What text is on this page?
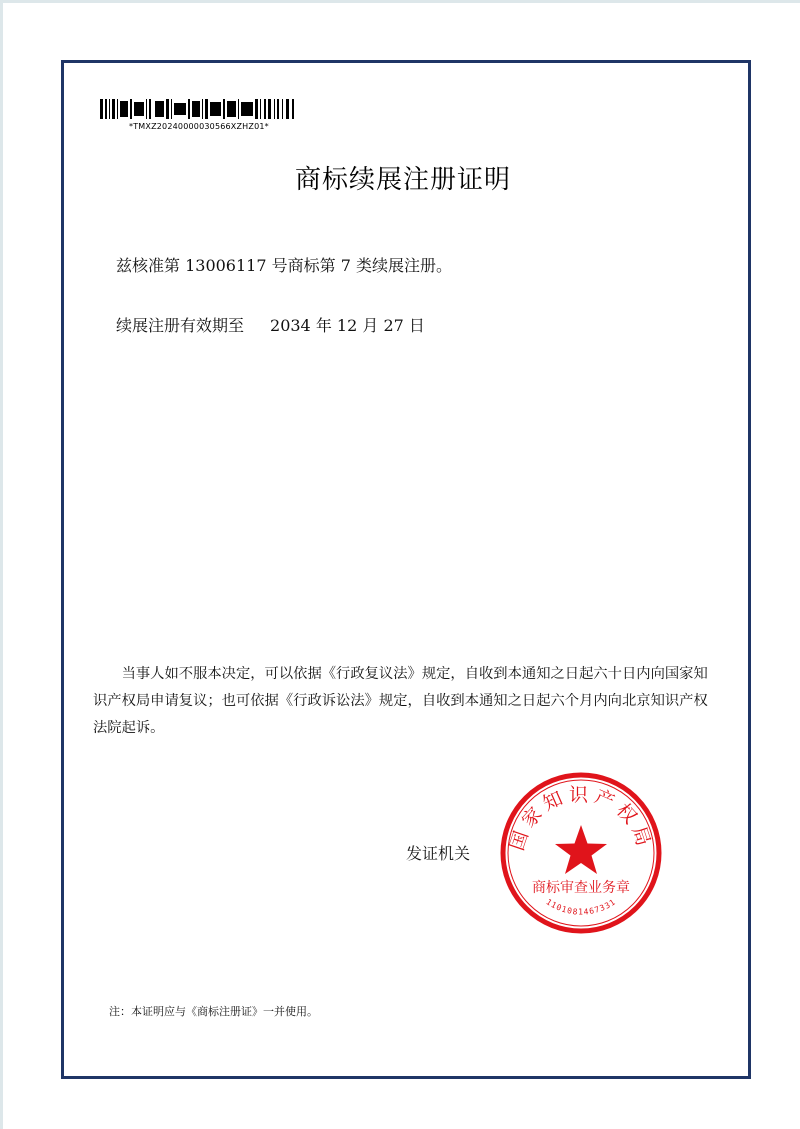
*TMXZ20240000030566XZHZ01*
商标续展注册证明
兹核准第 13006117 号商标第 7 类续展注册。
续展注册有效期至 2034 年 12 月 27 日
当事人如不服本决定，可以依据《行政复议法》规定，自收到本通知之日起六十日内向国家知识产权局申请复议；也可依据《行政诉讼法》规定，自收到本通知之日起六个月内向北京知识产权法院起诉。
发证机关
国家知识产权局
商标审查业务章
1101081467331
注：本证明应与《商标注册证》一并使用。
